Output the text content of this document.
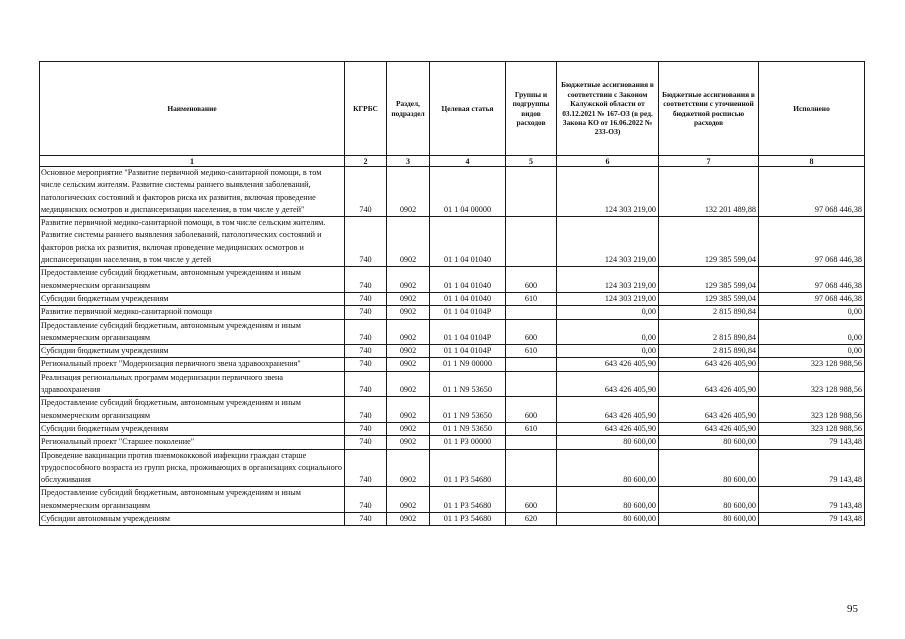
Наименование	КГРБС	Раздел, подраздел	Целевая статья	Группы и подгруппы видов расходов	Бюджетные ассигнования в соответствии с Законом Калужской области от 03.12.2021 № 167-ОЗ (в ред. Закона КО от 16.06.2022 № 233-ОЗ)	Бюджетные ассигнования в соответствии с уточненной бюджетной росписью расходов	Исполнено
1	2	3	4	5	6	7	8
Основное мероприятие "Развитие первичной медико-санитарной помощи, в том числе сельским жителям. Развитие системы раннего выявления заболеваний, патологических состояний и факторов риска их развития, включая проведение медицинских осмотров и диспансеризации населения, в том числе у детей"	740	0902	01 1 04 00000		124 303 219,00	132 201 489,88	97 068 446,38
Развитие первичной медико-санитарной помощи, в том числе сельским жителям. Развитие системы раннего выявления заболеваний, патологических состояний и факторов риска их развития, включая проведение медицинских осмотров и диспансеризации населения, в том числе у детей	740	0902	01 1 04 01040		124 303 219,00	129 385 599,04	97 068 446,38
Предоставление субсидий бюджетным, автономным учреждениям и иным некоммерческим организациям	740	0902	01 1 04 01040	600	124 303 219,00	129 385 599,04	97 068 446,38
Субсидии бюджетным учреждениям	740	0902	01 1 04 01040	610	124 303 219,00	129 385 599,04	97 068 446,38
Развитие первичной медико-санитарной помощи	740	0902	01 1 04 0104Р		0,00	2 815 890,84	0,00
Предоставление субсидий бюджетным, автономным учреждениям и иным некоммерческим организациям	740	0902	01 1 04 0104Р	600	0,00	2 815 890,84	0,00
Субсидии бюджетным учреждениям	740	0902	01 1 04 0104Р	610	0,00	2 815 890,84	0,00
Региональный проект "Модернизация первичного звена здравоохранения"	740	0902	01 1 N9 00000		643 426 405,90	643 426 405,90	323 128 988,56
Реализация региональных программ модернизации первичного звена здравоохранения	740	0902	01 1 N9 53650		643 426 405,90	643 426 405,90	323 128 988,56
Предоставление субсидий бюджетным, автономным учреждениям и иным некоммерческим организациям	740	0902	01 1 N9 53650	600	643 426 405,90	643 426 405,90	323 128 988,56
Субсидии бюджетным учреждениям	740	0902	01 1 N9 53650	610	643 426 405,90	643 426 405,90	323 128 988,56
Региональный проект "Старшее поколение"	740	0902	01 1 P3 00000		80 600,00	80 600,00	79 143,48
Проведение вакцинации против пневмококковой инфекции граждан старше трудоспособного возраста из групп риска, проживающих в организациях социального обслуживания	740	0902	01 1 P3 54680		80 600,00	80 600,00	79 143,48
Предоставление субсидий бюджетным, автономным учреждениям и иным некоммерческим организациям	740	0902	01 1 P3 54680	600	80 600,00	80 600,00	79 143,48
Субсидии автономным учреждениям	740	0902	01 1 P3 54680	620	80 600,00	80 600,00	79 143,48
95
